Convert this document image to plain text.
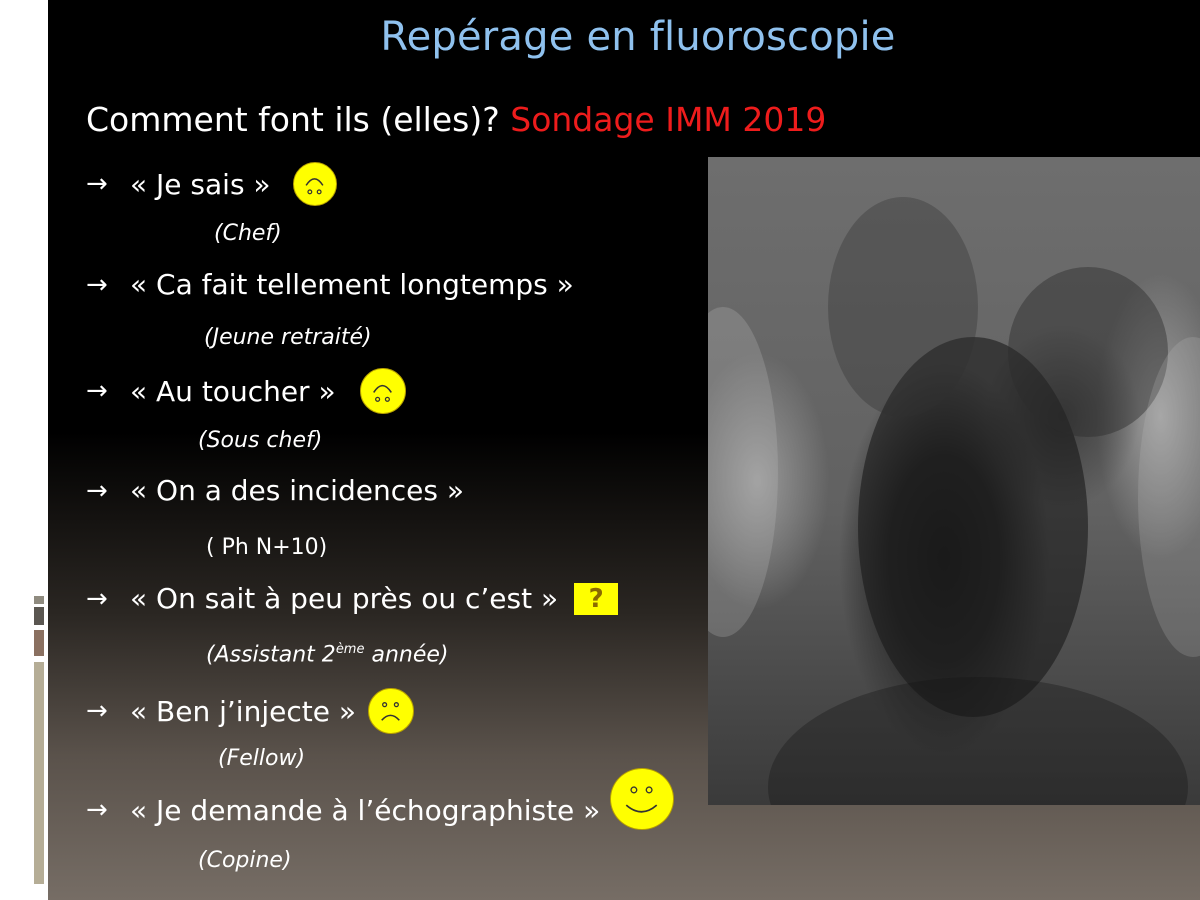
Repérage en fluoroscopie
Comment font ils (elles)? Sondage IMM 2019
→ « Je sais »
(Chef)
→ « Ca fait tellement longtemps »
(Jeune retraité)
→ « Au toucher »
(Sous chef)
→ « On a des incidences »
( Ph N+10)
→ « On sait à peu près ou c’est »	?
(Assistant 2ème année)
→ « Ben j’injecte »
(Fellow)
→ « Je demande à l’échographiste »
(Copine)
